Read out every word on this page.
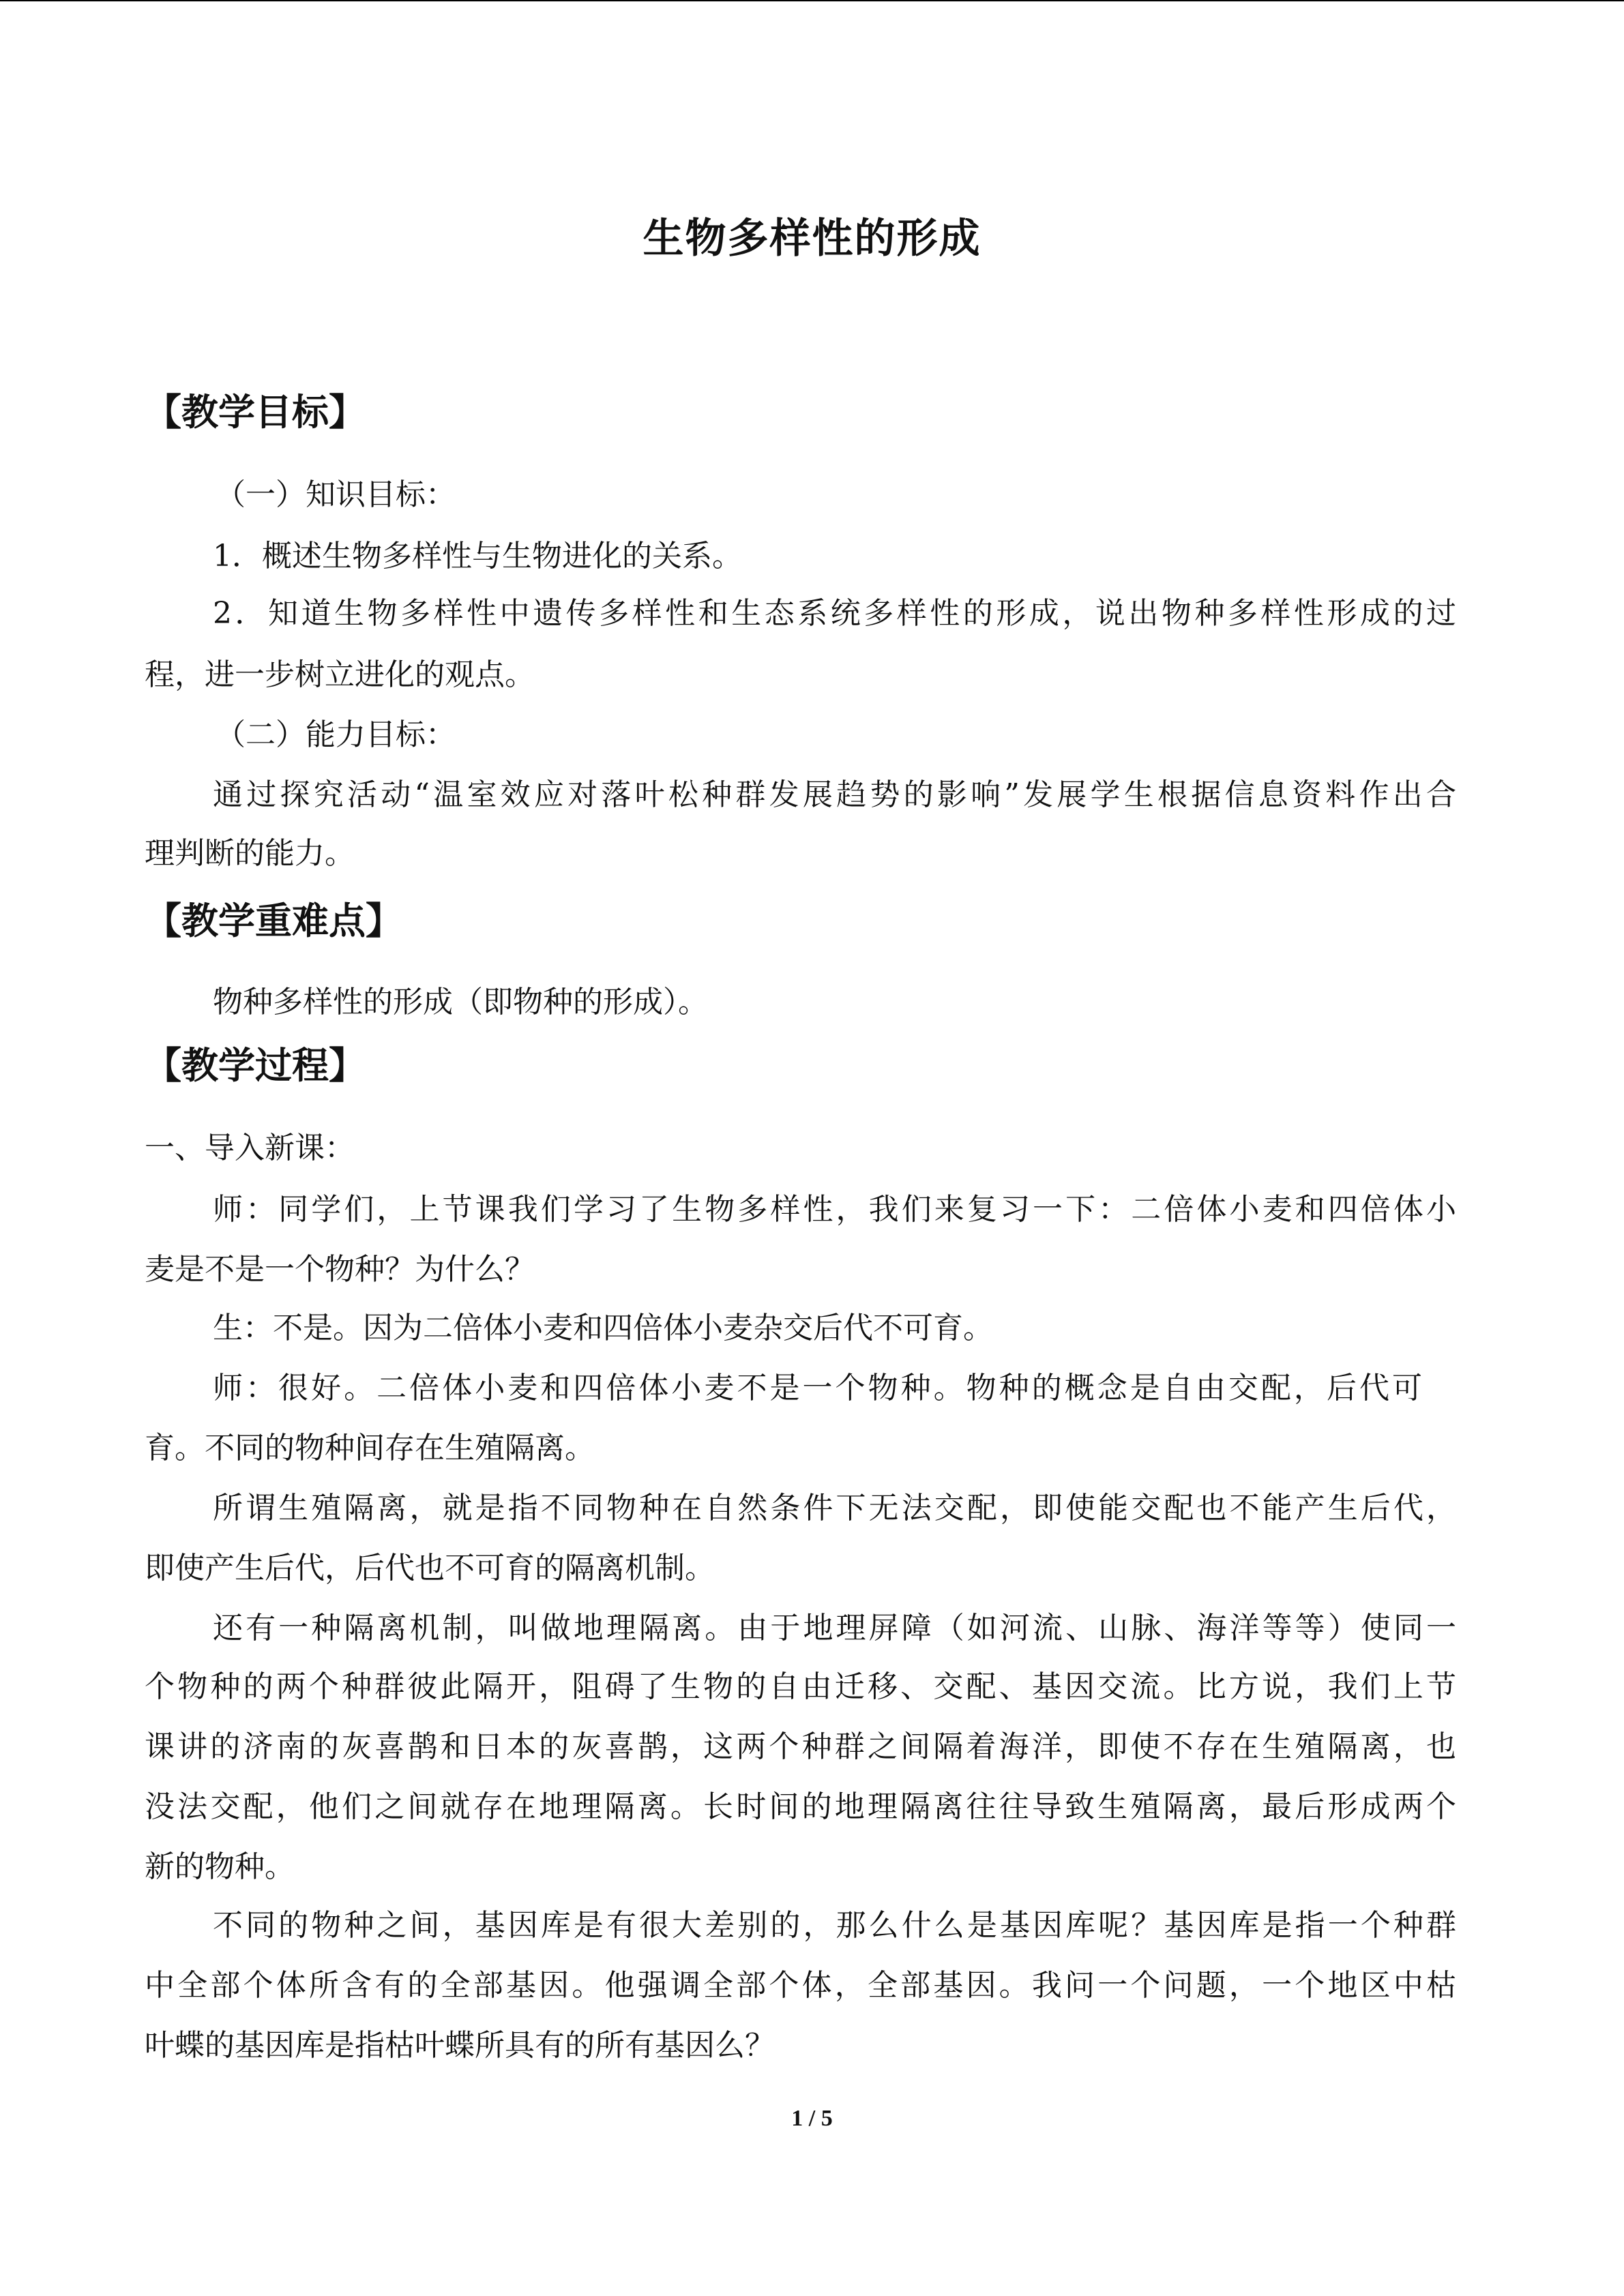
生物多样性的形成
【教学目标】
（一）知识目标：
1．概述生物多样性与生物进化的关系。
2．知道生物多样性中遗传多样性和生态系统多样性的形成，说出物种多样性形成的过
程，进一步树立进化的观点。
（二）能力目标：
通过探究活动“温室效应对落叶松种群发展趋势的影响”发展学生根据信息资料作出合
理判断的能力。
【教学重难点】
物种多样性的形成（即物种的形成）。
【教学过程】
一、导入新课：
师：同学们，上节课我们学习了生物多样性，我们来复习一下：二倍体小麦和四倍体小
麦是不是一个物种？为什么？
生：不是。因为二倍体小麦和四倍体小麦杂交后代不可育。
师：很好。二倍体小麦和四倍体小麦不是一个物种。物种的概念是自由交配，后代可
育。不同的物种间存在生殖隔离。
所谓生殖隔离，就是指不同物种在自然条件下无法交配，即使能交配也不能产生后代，
即使产生后代，后代也不可育的隔离机制。
还有一种隔离机制，叫做地理隔离。由于地理屏障（如河流、山脉、海洋等等）使同一
个物种的两个种群彼此隔开，阻碍了生物的自由迁移、交配、基因交流。比方说，我们上节
课讲的济南的灰喜鹊和日本的灰喜鹊，这两个种群之间隔着海洋，即使不存在生殖隔离，也
没法交配，他们之间就存在地理隔离。长时间的地理隔离往往导致生殖隔离，最后形成两个
新的物种。
不同的物种之间，基因库是有很大差别的，那么什么是基因库呢？基因库是指一个种群
中全部个体所含有的全部基因。他强调全部个体，全部基因。我问一个问题，一个地区中枯
叶蝶的基因库是指枯叶蝶所具有的所有基因么？
1 / 5
